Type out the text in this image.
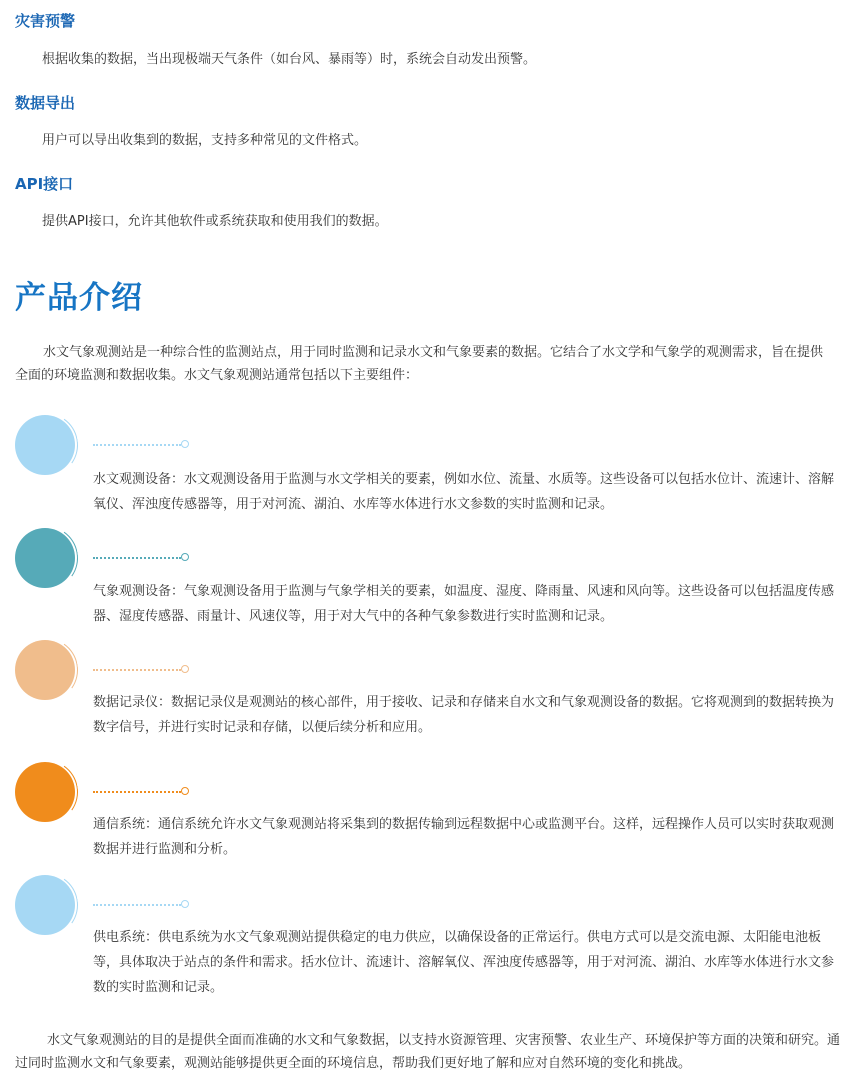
灾害预警

根据收集的数据，当出现极端天气条件（如台风、暴雨等）时，系统会自动发出预警。

数据导出

用户可以导出收集到的数据，支持多种常见的文件格式。

API接口

提供API接口，允许其他软件或系统获取和使用我们的数据。

产品介绍

水文气象观测站是一种综合性的监测站点，用于同时监测和记录水文和气象要素的数据。它结合了水文学和气象学的观测需求，旨在提供全面的环境监测和数据收集。水文气象观测站通常包括以下主要组件：

水文观测设备：水文观测设备用于监测与水文学相关的要素，例如水位、流量、水质等。这些设备可以包括水位计、流速计、溶解氧仪、浑浊度传感器等，用于对河流、湖泊、水库等水体进行水文参数的实时监测和记录。

气象观测设备：气象观测设备用于监测与气象学相关的要素，如温度、湿度、降雨量、风速和风向等。这些设备可以包括温度传感器、湿度传感器、雨量计、风速仪等，用于对大气中的各种气象参数进行实时监测和记录。

数据记录仪：数据记录仪是观测站的核心部件，用于接收、记录和存储来自水文和气象观测设备的数据。它将观测到的数据转换为数字信号，并进行实时记录和存储，以便后续分析和应用。

通信系统：通信系统允许水文气象观测站将采集到的数据传输到远程数据中心或监测平台。这样，远程操作人员可以实时获取观测数据并进行监测和分析。

供电系统：供电系统为水文气象观测站提供稳定的电力供应，以确保设备的正常运行。供电方式可以是交流电源、太阳能电池板等，具体取决于站点的条件和需求。括水位计、流速计、溶解氧仪、浑浊度传感器等，用于对河流、湖泊、水库等水体进行水文参数的实时监测和记录。

水文气象观测站的目的是提供全面而准确的水文和气象数据，以支持水资源管理、灾害预警、农业生产、环境保护等方面的决策和研究。通过同时监测水文和气象要素，观测站能够提供更全面的环境信息，帮助我们更好地了解和应对自然环境的变化和挑战。
